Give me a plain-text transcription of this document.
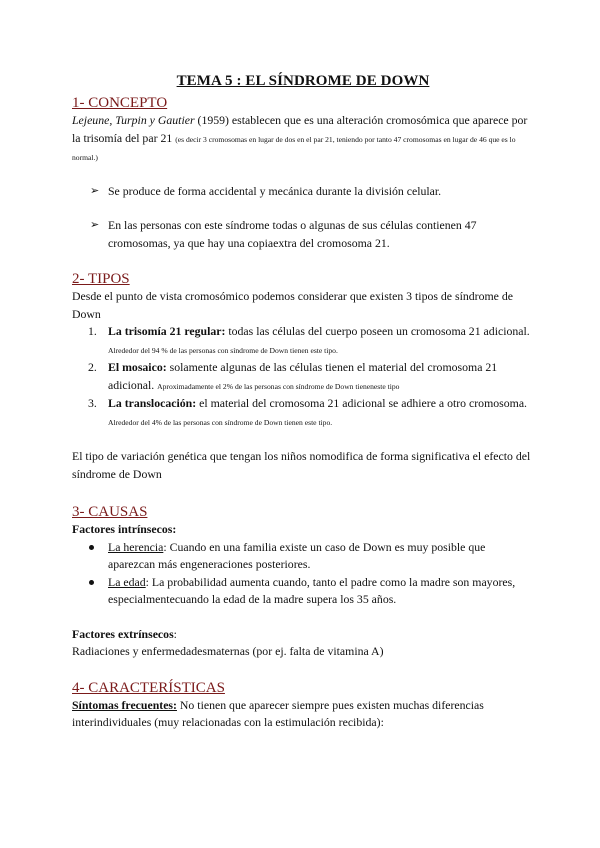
TEMA 5 : EL SÍNDROME DE DOWN

1- CONCEPTO

Lejeune, Turpin y Gautier (1959) establecen que es una alteración cromosómica que aparece por la trisomía del par 21 (es decir 3 cromosomas en lugar de dos en el par 21, teniendo por tanto 47 cromosomas en lugar de 46 que es lo normal.)

➢ Se produce de forma accidental y mecánica durante la división celular.
➢ En las personas con este síndrome todas o algunas de sus células contienen 47 cromosomas, ya que hay una copiaextra del cromosoma 21.

2- TIPOS

Desde el punto de vista cromosómico podemos considerar que existen 3 tipos de síndrome de Down

1. La trisomía 21 regular: todas las células del cuerpo poseen un cromosoma 21 adicional. Alrededor del 94 % de las personas con síndrome de Down tienen este tipo.
2. El mosaico: solamente algunas de las células tienen el material del cromosoma 21 adicional. Aproximadamente el 2% de las personas con síndrome de Down tieneneste tipo
3. La translocación: el material del cromosoma 21 adicional se adhiere a otro cromosoma. Alrededor del 4% de las personas con síndrome de Down tienen este tipo.

El tipo de variación genética que tengan los niños nomodifica de forma significativa el efecto del síndrome de Down

3- CAUSAS

Factores intrínsecos:

La herencia: Cuando en una familia existe un caso de Down es muy posible que aparezcan más engeneraciones posteriores.
La edad: La probabilidad aumenta cuando, tanto el padre como la madre son mayores, especialmentecuando la edad de la madre supera los 35 años.

Factores extrínsecos:

Radiaciones y enfermedadesmaternas (por ej. falta de vitamina A)

4- CARACTERÍSTICAS

Síntomas frecuentes: No tienen que aparecer siempre pues existen muchas diferencias interindividuales (muy relacionadas con la estimulación recibida):
